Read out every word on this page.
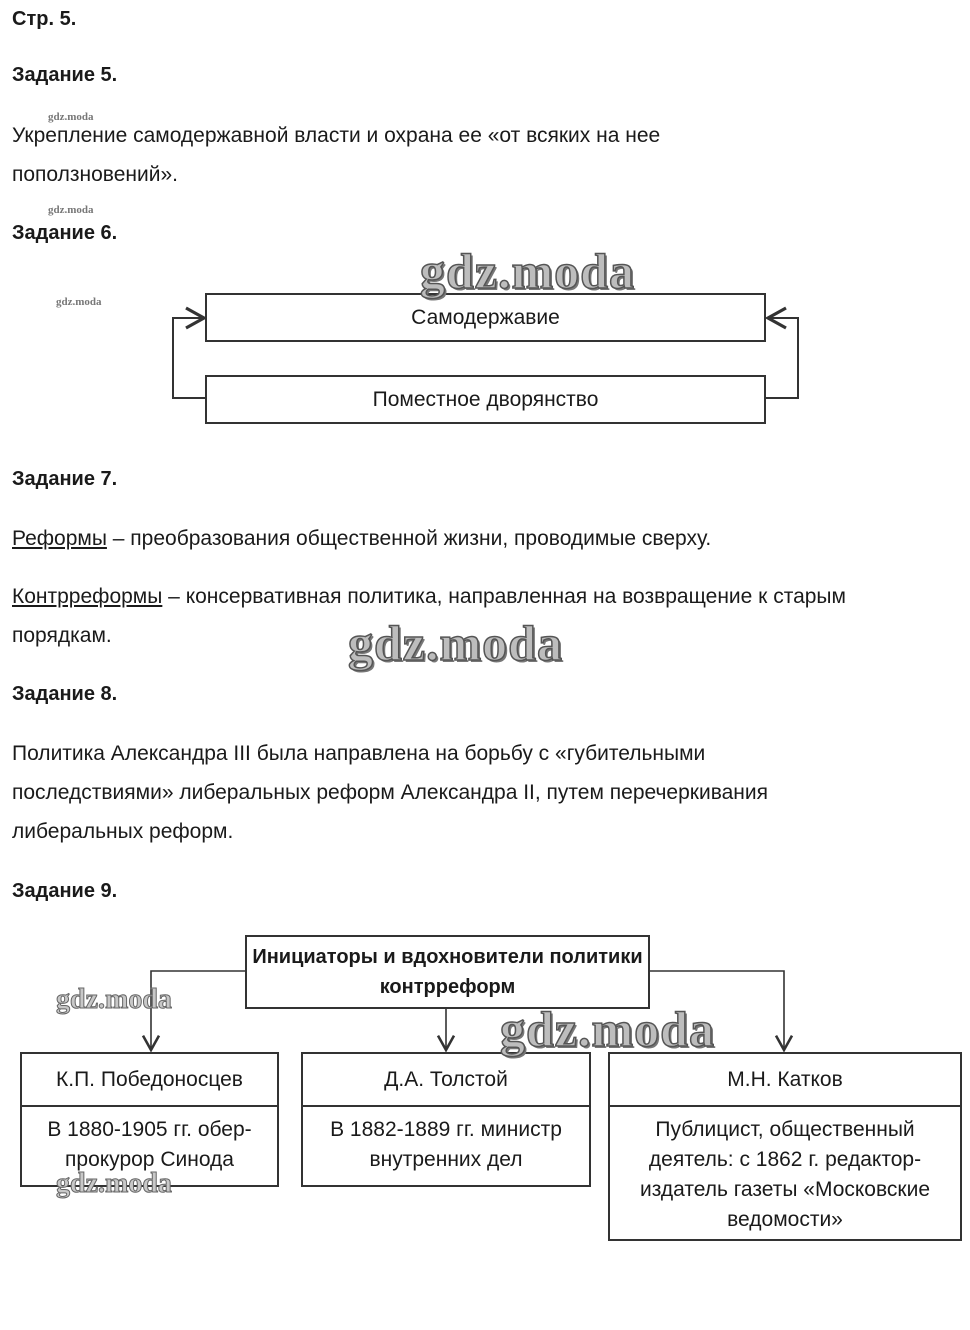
Стр. 5.
Задание 5.
gdz.moda
Укрепление самодержавной власти и охрана ее «от всяких на нее поползновений».
gdz.moda
Задание 6.
gdz.moda
Самодержавие
Поместное дворянство
gdz.moda
Задание 7.
Реформы – преобразования общественной жизни, проводимые сверху.
Контрреформы – консервативная политика, направленная на возвращение к старым порядкам.	gdz.moda
Задание 8.
Политика Александра III была направлена на борьбу с «губительными последствиями» либеральных реформ Александра II, путем перечеркивания либеральных реформ.
Задание 9.
Инициаторы и вдохновители политики контрреформ
К.П. Победоносцев
В 1880-1905 гг. обер-прокурор Синода
Д.А. Толстой
В 1882-1889 гг. министр внутренних дел
М.Н. Катков
Публицист, общественный деятель: с 1862 г. редактор-издатель газеты «Московские ведомости»
gdz.moda
gdz.moda
gdz.moda
